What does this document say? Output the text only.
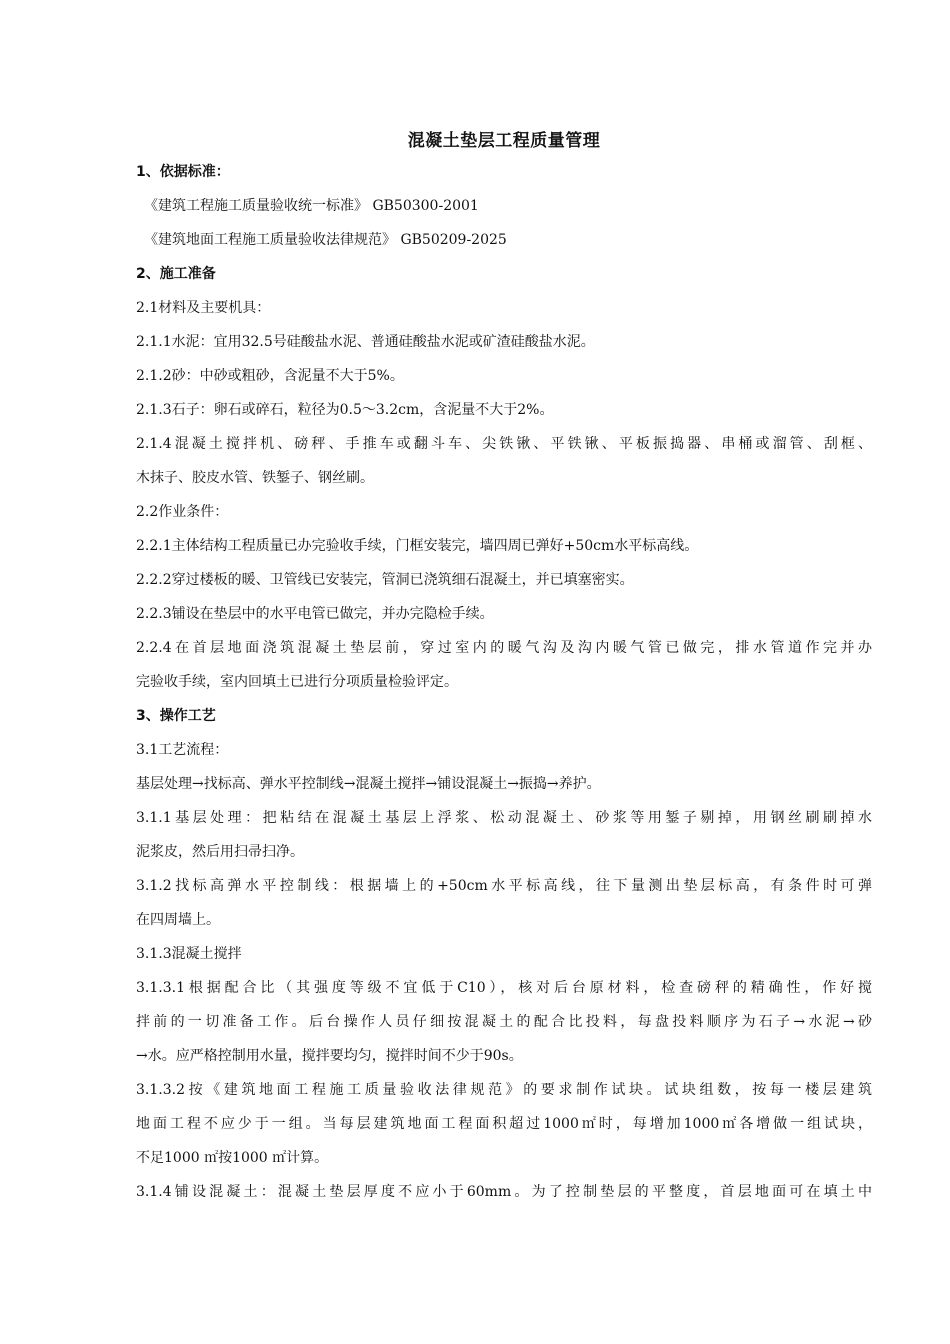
混凝土垫层工程质量管理
1、依据标准：
《建筑工程施工质量验收统一标准》 GB50300-2001
《建筑地面工程施工质量验收法律规范》 GB50209-2025
2、施工准备
2.1材料及主要机具：
2.1.1水泥：宜用32.5号硅酸盐水泥、普通硅酸盐水泥或矿渣硅酸盐水泥。
2.1.2砂：中砂或粗砂，含泥量不大于5%。
2.1.3石子：卵石或碎石，粒径为0.5～3.2cm，含泥量不大于2%。
2.1.4混凝土搅拌机、磅秤、手推车或翻斗车、尖铁锹、平铁锹、平板振捣器、串桶或溜管、刮框、
木抹子、胶皮水管、铁錾子、钢丝刷。
2.2作业条件：
2.2.1主体结构工程质量已办完验收手续，门框安装完，墙四周已弹好+50cm水平标高线。
2.2.2穿过楼板的暖、卫管线已安装完，管洞已浇筑细石混凝土，并已填塞密实。
2.2.3铺设在垫层中的水平电管已做完，并办完隐检手续。
2.2.4在首层地面浇筑混凝土垫层前，穿过室内的暖气沟及沟内暖气管已做完，排水管道作完并办
完验收手续，室内回填土已进行分项质量检验评定。
3、操作工艺
3.1工艺流程：
基层处理→找标高、弹水平控制线→混凝土搅拌→铺设混凝土→振捣→养护。
3.1.1基层处理：把粘结在混凝土基层上浮浆、松动混凝土、砂浆等用錾子剔掉，用钢丝刷刷掉水
泥浆皮，然后用扫帚扫净。
3.1.2找标高弹水平控制线：根据墙上的+50cm水平标高线，往下量测出垫层标高，有条件时可弹
在四周墙上。
3.1.3混凝土搅拌
3.1.3.1根据配合比（其强度等级不宜低于C10），核对后台原材料，检查磅秤的精确性，作好搅
拌前的一切准备工作。后台操作人员仔细按混凝土的配合比投料，每盘投料顺序为石子→水泥→砂
→水。应严格控制用水量，搅拌要均匀，搅拌时间不少于90s。
3.1.3.2按《建筑地面工程施工质量验收法律规范》的要求制作试块。试块组数，按每一楼层建筑
地面工程不应少于一组。当每层建筑地面工程面积超过1000㎡时，每增加1000㎡各增做一组试块，
不足1000 ㎡按1000 ㎡计算。
3.1.4铺设混凝土：混凝土垫层厚度不应小于60mm。为了控制垫层的平整度，首层地面可在填土中
